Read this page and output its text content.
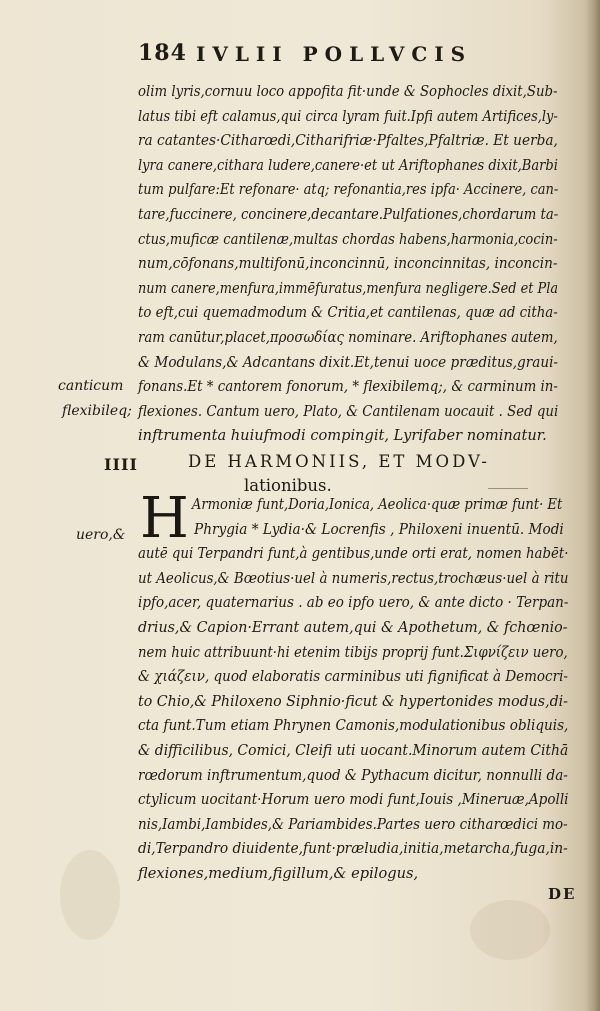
184 IVLII POLLVCIS
olim lyris,cornuu loco appofita fit·unde & Sophocles dixit,Sub-
latus tibi eft calamus,qui circa lyram fuit.Ipfi autem Artifices,ly-
ra catantes·Citharœdi,Citharifriæ·Pfaltes,Pfaltriæ. Et uerba,
lyra canere,cithara ludere,canere·et ut Ariftophanes dixit,Barbi
tum pulfare:Et refonare· atq; refonantia,res ipfa· Accinere, can-
tare,fuccinere, concinere,decantare.Pulfationes,chordarum ta-
ctus,muficæ cantilenæ,multas chordas habens,harmonia,cocin-
num,cōfonans,multifonū,inconcinnū, inconcinnitas, inconcin-
num canere,menfura,immēfuratus,menfura negligere.Sed et Pla
to eft,cui quemadmodum & Critia,et cantilenas, quæ ad citha-
ram canūtur,placet,πρoσωδίας nominare. Ariftophanes autem,
& Modulans,& Adcantans dixit.Et,tenui uoce præditus,graui-
fonans.Et * cantorem fonorum, * flexibilemq;, & carminum in-
flexiones. Cantum uero, Plato, & Cantilenam uocauit . Sed qui
inftrumenta huiufmodi compingit, Lyrifaber nominatur.
canticum
flexibileq;
uero,&
IIII	DE HARMONIIS, ET MODV-
lationibus.
H Armoniæ funt,Doria,Ionica, Aeolica·quæ primæ funt· Et
Phrygia * Lydia·& Locrenfis , Philoxeni inuentū. Modi
autē qui Terpandri funt,à gentibus,unde orti erat, nomen habēt·
ut Aeolicus,& Bœotius·uel à numeris,rectus,trochæus·uel à ritu
ipfo,acer, quaternarius . ab eo ipfo uero, & ante dicto · Terpan-
drius,& Capion·Errant autem,qui & Apothetum, & fchœnio-
nem huic attribuunt·hi etenim tibijs proprij funt.Σιφνίζειν uero,
& χιάζειν, quod elaboratis carminibus uti fignificat à Democri-
to Chio,& Philoxeno Siphnio·ficut & hypertonides modus,di-
cta funt.Tum etiam Phrynen Camonis,modulationibus obliquis,
& difficilibus, Comici, Cleifi uti uocant.Minorum autem Cithā
rœdorum inftrumentum,quod & Pythacum dicitur, nonnulli da-
ctylicum uocitant·Horum uero modi funt,Iouis ,Mineruæ,Apolli
nis,Iambi,Iambides,& Pariambides.Partes uero citharœdici mo-
di,Terpandro diuidente,funt·præludia,initia,metarcha,fuga,in-
flexiones,medium,figillum,& epilogus,
DE
